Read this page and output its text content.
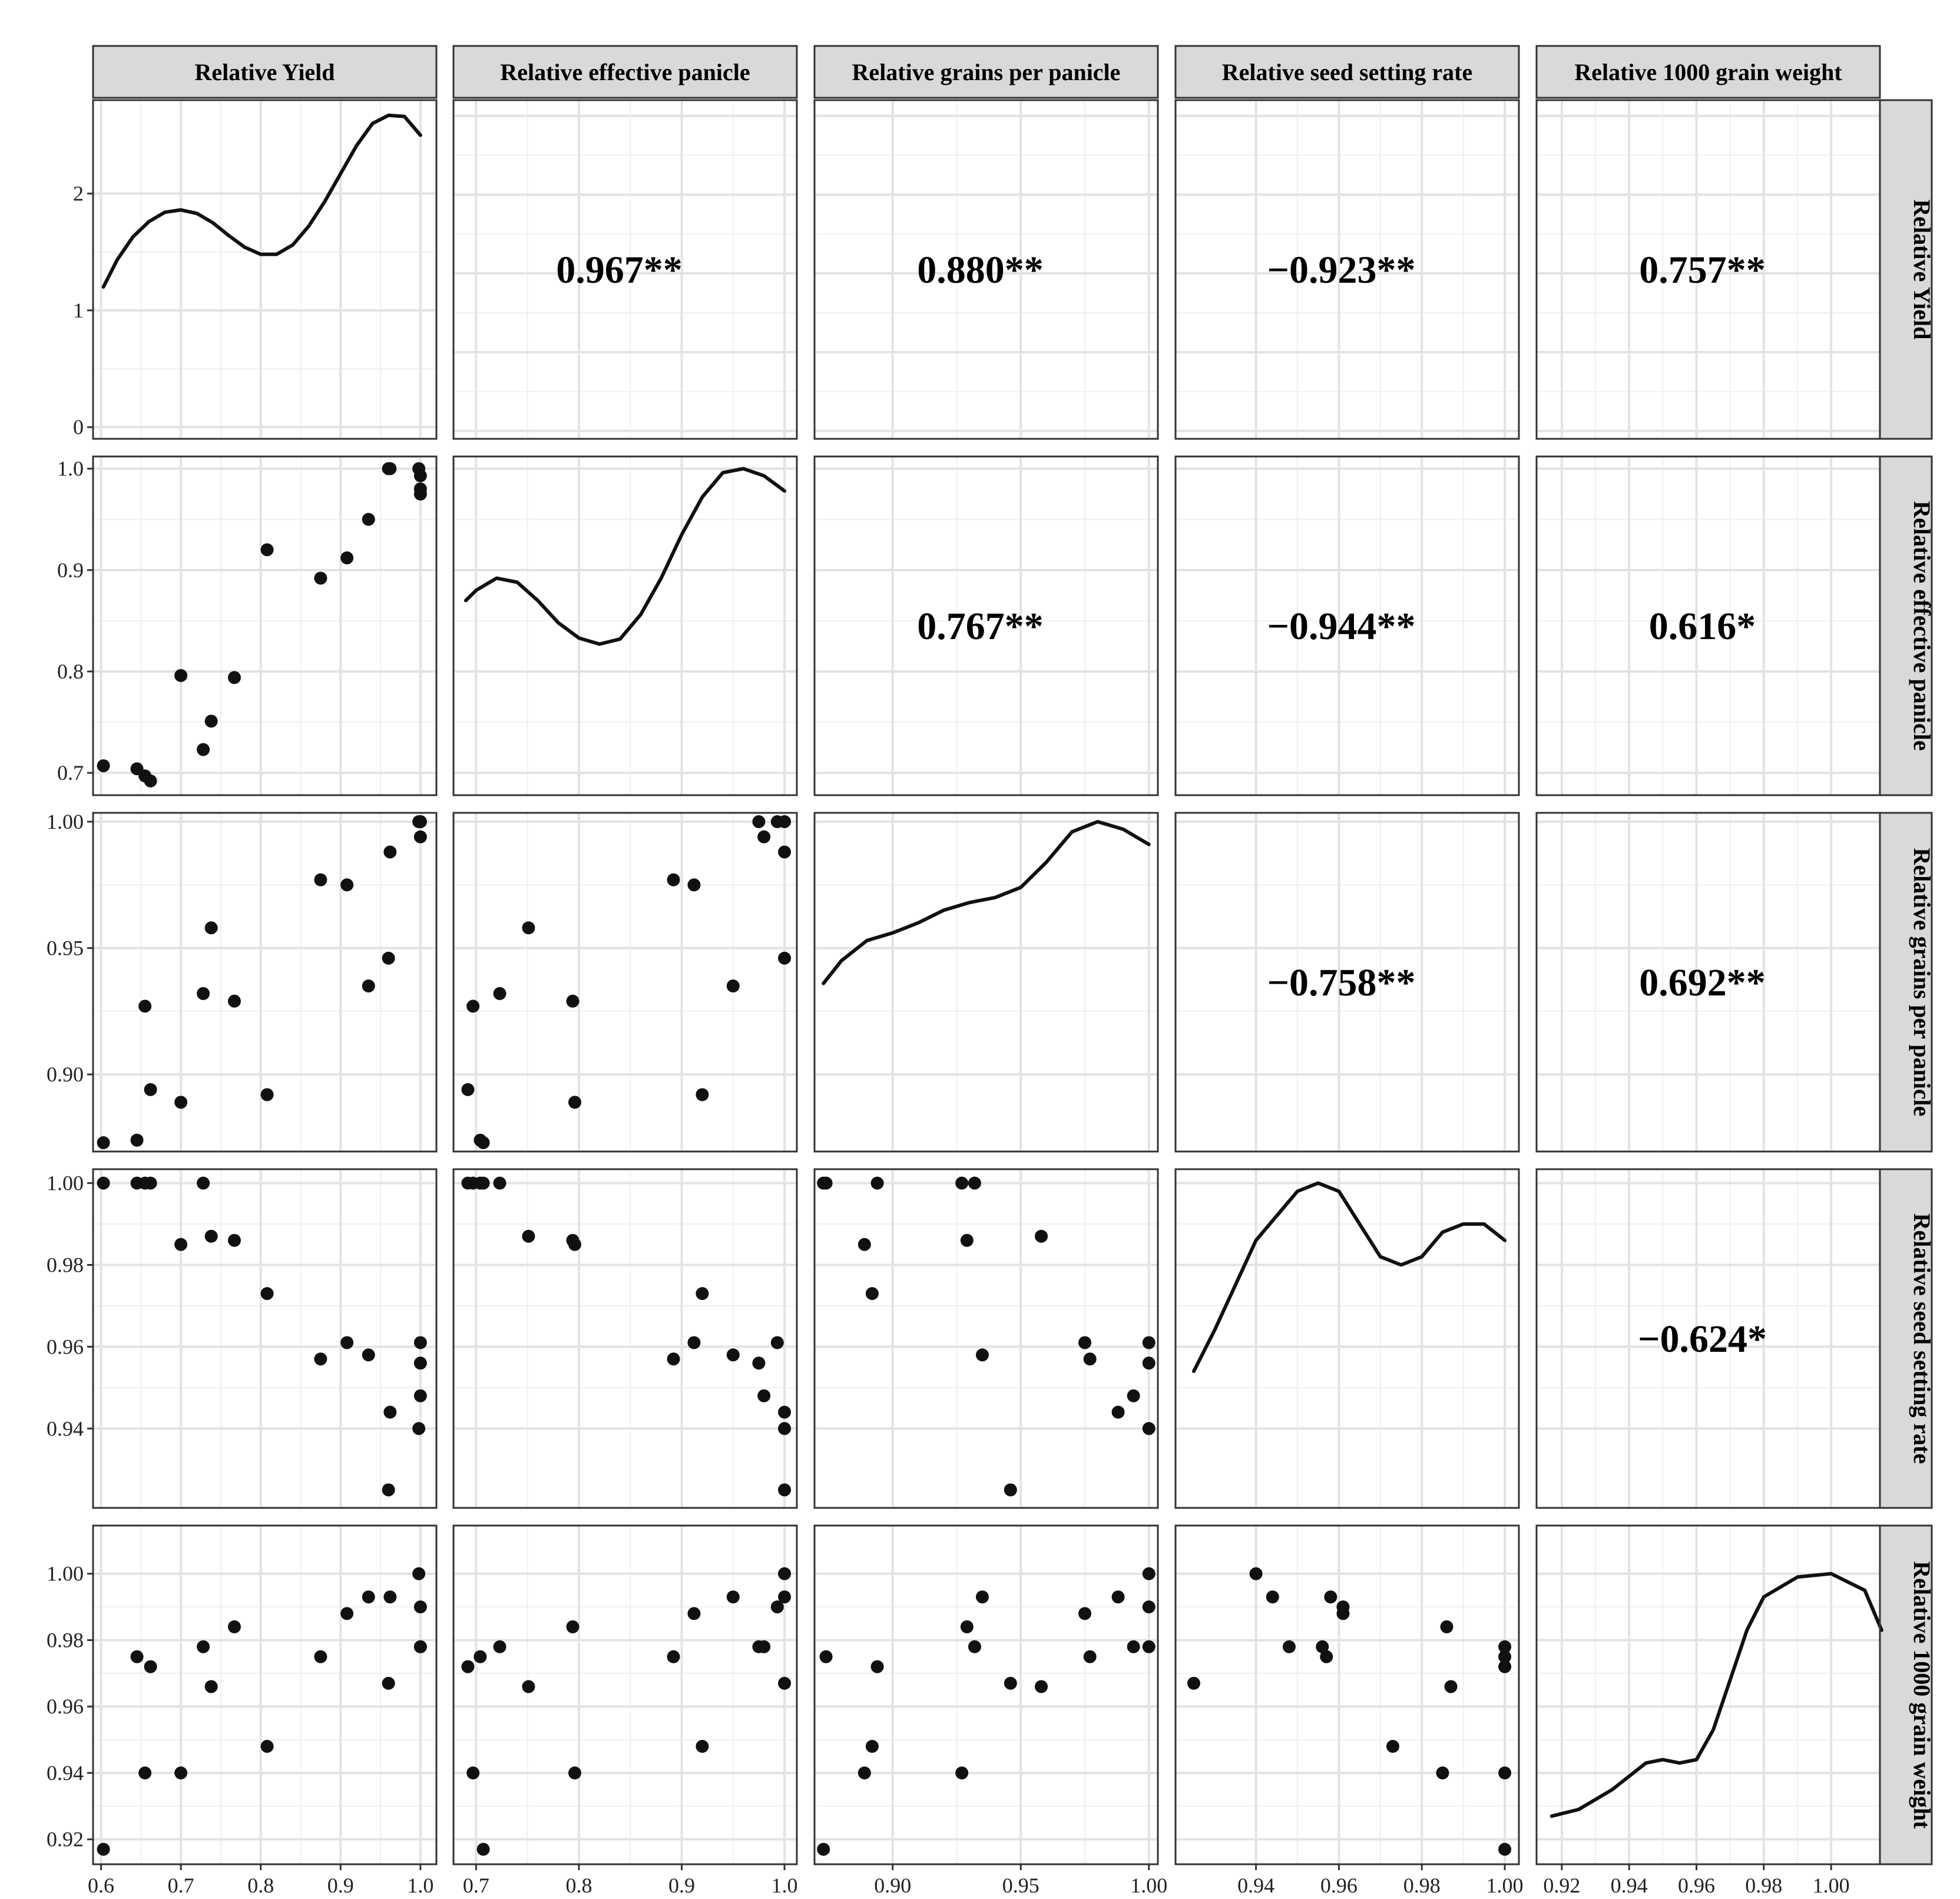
Relative Yield	Relative effective panicle	Relative grains per panicle	Relative seed setting rate	Relative 1000 grain weight
Relative Yield
Relative effective panicle
Relative grains per panicle
Relative seed setting rate
Relative 1000 grain weight
0.967**	0.880**	−0.923**	0.757**
0.767**	−0.944**	0.616*
−0.758**	0.692**
−0.624*
0
1
2
0.7
0.8
0.9
1.0
0.90
0.95
1.00
0.94
0.96
0.98
1.00
0.92
0.94
0.96
0.98
1.00
0.6	0.7	0.8	0.9	1.0 0.7	0.8	0.9	1.0	0.90	0.95	1.00	0.94 0.96 0.98 1.00 0.92 0.94 0.96 0.98 1.00
